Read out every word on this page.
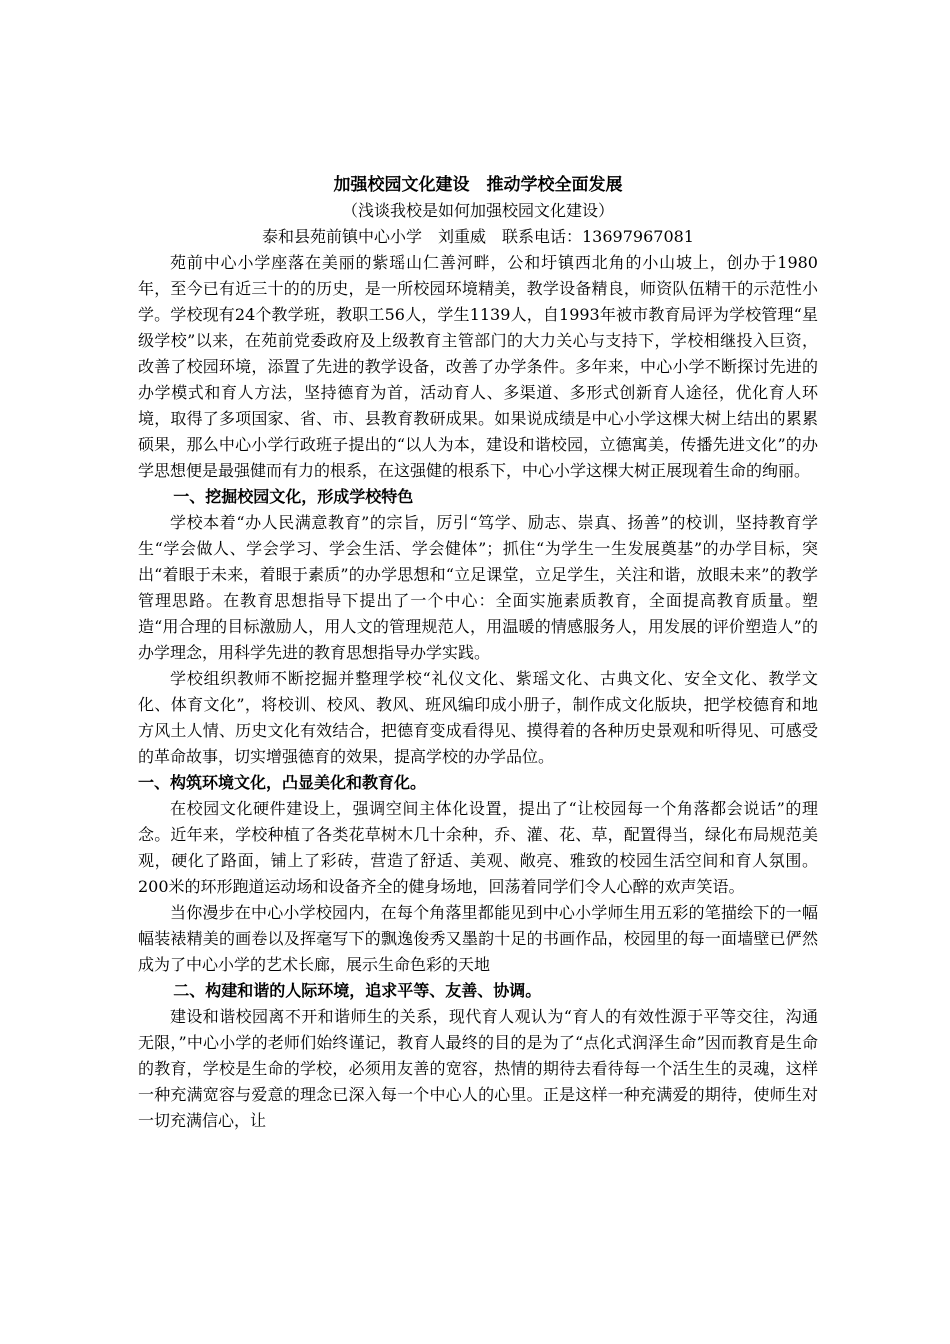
加强校园文化建设　推动学校全面发展

（浅谈我校是如何加强校园文化建设）

泰和县苑前镇中心小学　刘重威　联系电话：13697967081

苑前中心小学座落在美丽的紫瑶山仁善河畔，公和圩镇西北角的小山坡上，创办于1980年，至今已有近三十的的历史，是一所校园环境精美，教学设备精良，师资队伍精干的示范性小学。学校现有24个教学班，教职工56人，学生1139人，自1993年被市教育局评为学校管理“星级学校”以来，在苑前党委政府及上级教育主管部门的大力关心与支持下，学校相继投入巨资，改善了校园环境，添置了先进的教学设备，改善了办学条件。多年来，中心小学不断探讨先进的办学模式和育人方法，坚持德育为首，活动育人、多渠道、多形式创新育人途径，优化育人环境，取得了多项国家、省、市、县教育教研成果。如果说成绩是中心小学这棵大树上结出的累累硕果，那么中心小学行政班子提出的“以人为本，建设和谐校园，立德寓美，传播先进文化”的办学思想便是最强健而有力的根系，在这强健的根系下，中心小学这棵大树正展现着生命的绚丽。

一、挖掘校园文化，形成学校特色

学校本着“办人民满意教育”的宗旨，厉引“笃学、励志、崇真、扬善”的校训，坚持教育学生“学会做人、学会学习、学会生活、学会健体”；抓住“为学生一生发展奠基”的办学目标，突出“着眼于未来，着眼于素质”的办学思想和“立足课堂，立足学生，关注和谐，放眼未来”的教学管理思路。在教育思想指导下提出了一个中心：全面实施素质教育，全面提高教育质量。塑造“用合理的目标激励人，用人文的管理规范人，用温暖的情感服务人，用发展的评价塑造人”的办学理念，用科学先进的教育思想指导办学实践。

学校组织教师不断挖掘并整理学校“礼仪文化、紫瑶文化、古典文化、安全文化、教学文化、体育文化”，将校训、校风、教风、班风编印成小册子，制作成文化版块，把学校德育和地方风土人情、历史文化有效结合，把德育变成看得见、摸得着的各种历史景观和听得见、可感受的革命故事，切实增强德育的效果，提高学校的办学品位。

一、构筑环境文化，凸显美化和教育化。

在校园文化硬件建设上，强调空间主体化设置，提出了“让校园每一个角落都会说话”的理念。近年来，学校种植了各类花草树木几十余种，乔、灌、花、草，配置得当，绿化布局规范美观，硬化了路面，铺上了彩砖，营造了舒适、美观、敞亮、雅致的校园生活空间和育人氛围。200米的环形跑道运动场和设备齐全的健身场地，回荡着同学们令人心醉的欢声笑语。

当你漫步在中心小学校园内，在每个角落里都能见到中心小学师生用五彩的笔描绘下的一幅幅装裱精美的画卷以及挥毫写下的飘逸俊秀又墨韵十足的书画作品，校园里的每一面墙壁已俨然成为了中心小学的艺术长廊，展示生命色彩的天地

二、构建和谐的人际环境，追求平等、友善、协调。

建设和谐校园离不开和谐师生的关系，现代育人观认为“育人的有效性源于平等交往，沟通无限，”中心小学的老师们始终谨记，教育人最终的目的是为了“点化式润泽生命”因而教育是生命的教育，学校是生命的学校，必须用友善的宽容，热情的期待去看待每一个活生生的灵魂，这样一种充满宽容与爱意的理念已深入每一个中心人的心里。正是这样一种充满爱的期待，使师生对一切充满信心，让
